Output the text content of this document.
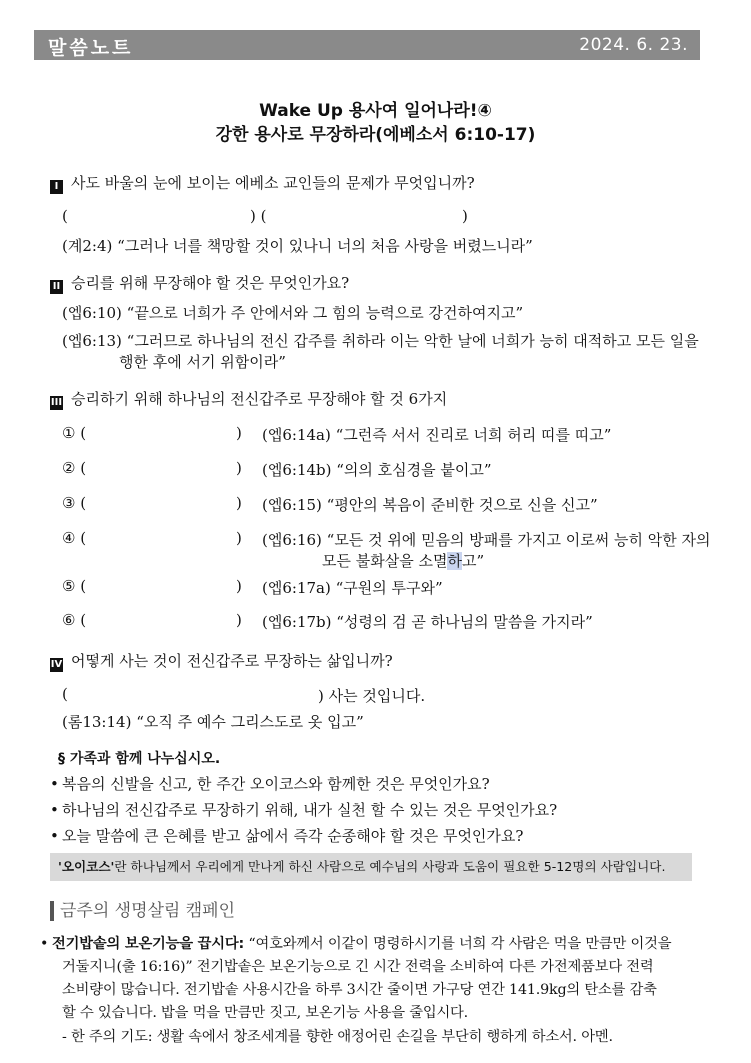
말씀노트	2024. 6. 23.
Wake Up 용사여 일어나라!④
강한 용사로 무장하라(에베소서 6:10-17)
I 사도 바울의 눈에 보이는 에베소 교인들의 문제가 무엇입니까?
(	) (	)
(계2:4) “그러나 너를 책망할 것이 있나니 너의 처음 사랑을 버렸느니라”
II 승리를 위해 무장해야 할 것은 무엇인가요?
(엡6:10) “끝으로 너희가 주 안에서와 그 힘의 능력으로 강건하여지고”
(엡6:13) “그러므로 하나님의 전신 갑주를 취하라 이는 악한 날에 너희가 능히 대적하고 모든 일을
행한 후에 서기 위함이라”
III 승리하기 위해 하나님의 전신갑주로 무장해야 할 것 6가지
① (	) (엡6:14a) “그런즉 서서 진리로 너희 허리 띠를 띠고”
② (	) (엡6:14b) “의의 호심경을 붙이고”
③ (	) (엡6:15) “평안의 복음이 준비한 것으로 신을 신고”
④ (	) (엡6:16) “모든 것 위에 믿음의 방패를 가지고 이로써 능히 악한 자의
모든 불화살을 소멸하고”
⑤ (	) (엡6:17a) “구원의 투구와”
⑥ (	) (엡6:17b) “성령의 검 곧 하나님의 말씀을 가지라”
IV 어떻게 사는 것이 전신갑주로 무장하는 삶입니까?
(	) 사는 것입니다.
(롬13:14) “오직 주 예수 그리스도로 옷 입고”
§ 가족과 함께 나누십시오.
• 복음의 신발을 신고, 한 주간 오이코스와 함께한 것은 무엇인가요?
• 하나님의 전신갑주로 무장하기 위해, 내가 실천 할 수 있는 것은 무엇인가요?
• 오늘 말씀에 큰 은혜를 받고 삶에서 즉각 순종해야 할 것은 무엇인가요?
'오이코스'란 하나님께서 우리에게 만나게 하신 사람으로 예수님의 사랑과 도움이 필요한 5-12명의 사람입니다.
금주의 생명살림 캠페인
• 전기밥솥의 보온기능을 끕시다: “여호와께서 이같이 명령하시기를 너희 각 사람은 먹을 만큼만 이것을
거둘지니(출 16:16)” 전기밥솥은 보온기능으로 긴 시간 전력을 소비하여 다른 가전제품보다 전력
소비량이 많습니다. 전기밥솥 사용시간을 하루 3시간 줄이면 가구당 연간 141.9kg의 탄소를 감축
할 수 있습니다. 밥을 먹을 만큼만 짓고, 보온기능 사용을 줄입시다.
- 한 주의 기도: 생활 속에서 창조세계를 향한 애정어린 손길을 부단히 행하게 하소서. 아멘.
